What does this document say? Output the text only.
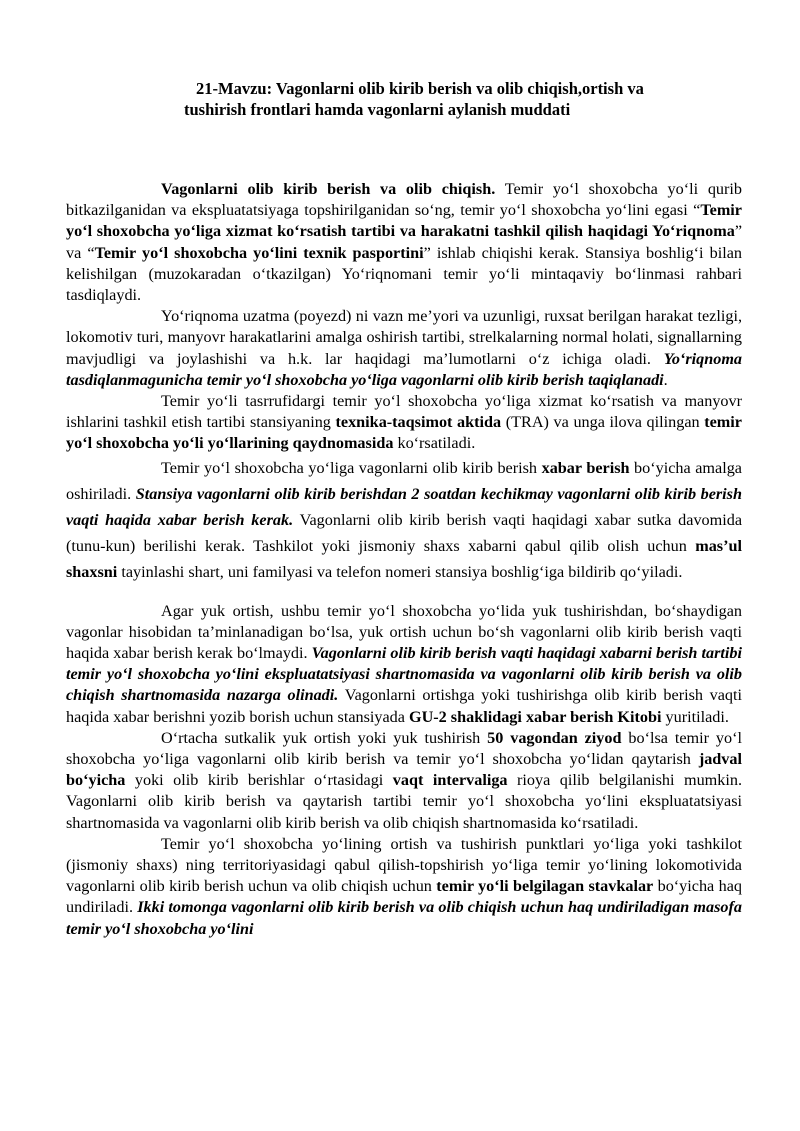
21-Mavzu: Vagonlarni olib kirib berish va olib chiqish,ortish va
tushirish frontlari hamda vagonlarni aylanish muddati

Vagonlarni olib kirib berish va olib chiqish. Temir yo‘l shoxobcha yo‘li qurib bitkazilganidan va ekspluatatsiyaga topshirilganidan so‘ng, temir yo‘l shoxobcha yo‘lini egasi “Temir yo‘l shoxobcha yo‘liga xizmat ko‘rsatish tartibi va harakatni tashkil qilish haqidagi Yo‘riqnoma” va “Temir yo‘l shoxobcha yo‘lini texnik pasportini” ishlab chiqishi kerak. Stansiya boshlig‘i bilan kelishilgan (muzokaradan o‘tkazilgan) Yo‘riqnomani temir yo‘li mintaqaviy bo‘linmasi rahbari tasdiqlaydi.

Yo‘riqnoma uzatma (poyezd) ni vazn me’yori va uzunligi, ruxsat berilgan harakat tezligi, lokomotiv turi, manyovr harakatlarini amalga oshirish tartibi, strelkalarning normal holati, signallarning mavjudligi va joylashishi va h.k. lar haqidagi ma’lumotlarni o‘z ichiga oladi. Yo‘riqnoma tasdiqlanmagunicha temir yo‘l shoxobcha yo‘liga vagonlarni olib kirib berish taqiqlanadi.

Temir yo‘li tasrrufidargi temir yo‘l shoxobcha yo‘liga xizmat ko‘rsatish va manyovr ishlarini tashkil etish tartibi stansiyaning texnika-taqsimot aktida (TRA) va unga ilova qilingan temir yo‘l shoxobcha yo‘li yo‘llarining qaydnomasida ko‘rsatiladi.

Temir yo‘l shoxobcha yo‘liga vagonlarni olib kirib berish xabar berish bo‘yicha amalga oshiriladi. Stansiya vagonlarni olib kirib berishdan 2 soatdan kechikmay vagonlarni olib kirib berish vaqti haqida xabar berish kerak. Vagonlarni olib kirib berish vaqti haqidagi xabar sutka davomida (tunu-kun) berilishi kerak. Tashkilot yoki jismoniy shaxs xabarni qabul qilib olish uchun mas’ul shaxsni tayinlashi shart, uni familyasi va telefon nomeri stansiya boshlig‘iga bildirib qo‘yiladi.

Agar yuk ortish, ushbu temir yo‘l shoxobcha yo‘lida yuk tushirishdan, bo‘shaydigan vagonlar hisobidan ta’minlanadigan bo‘lsa, yuk ortish uchun bo‘sh vagonlarni olib kirib berish vaqti haqida xabar berish kerak bo‘lmaydi. Vagonlarni olib kirib berish vaqti haqidagi xabarni berish tartibi temir yo‘l shoxobcha yo‘lini ekspluatatsiyasi shartnomasida va vagonlarni olib kirib berish va olib chiqish shartnomasida nazarga olinadi. Vagonlarni ortishga yoki tushirishga olib kirib berish vaqti haqida xabar berishni yozib borish uchun stansiyada GU-2 shaklidagi xabar berish Kitobi yuritiladi.

O‘rtacha sutkalik yuk ortish yoki yuk tushirish 50 vagondan ziyod bo‘lsa temir yo‘l shoxobcha yo‘liga vagonlarni olib kirib berish va temir yo‘l shoxobcha yo‘lidan qaytarish jadval bo‘yicha yoki olib kirib berishlar o‘rtasidagi vaqt intervaliga rioya qilib belgilanishi mumkin. Vagonlarni olib kirib berish va qaytarish tartibi temir yo‘l shoxobcha yo‘lini ekspluatatsiyasi shartnomasida va vagonlarni olib kirib berish va olib chiqish shartnomasida ko‘rsatiladi.

Temir yo‘l shoxobcha yo‘lining ortish va tushirish punktlari yo‘liga yoki tashkilot (jismoniy shaxs) ning territoriyasidagi qabul qilish-topshirish yo‘liga temir yo‘lining lokomotivida vagonlarni olib kirib berish uchun va olib chiqish uchun temir yo‘li belgilagan stavkalar bo‘yicha haq undiriladi. Ikki tomonga vagonlarni olib kirib berish va olib chiqish uchun haq undiriladigan masofa temir yo‘l shoxobcha yo‘lini
